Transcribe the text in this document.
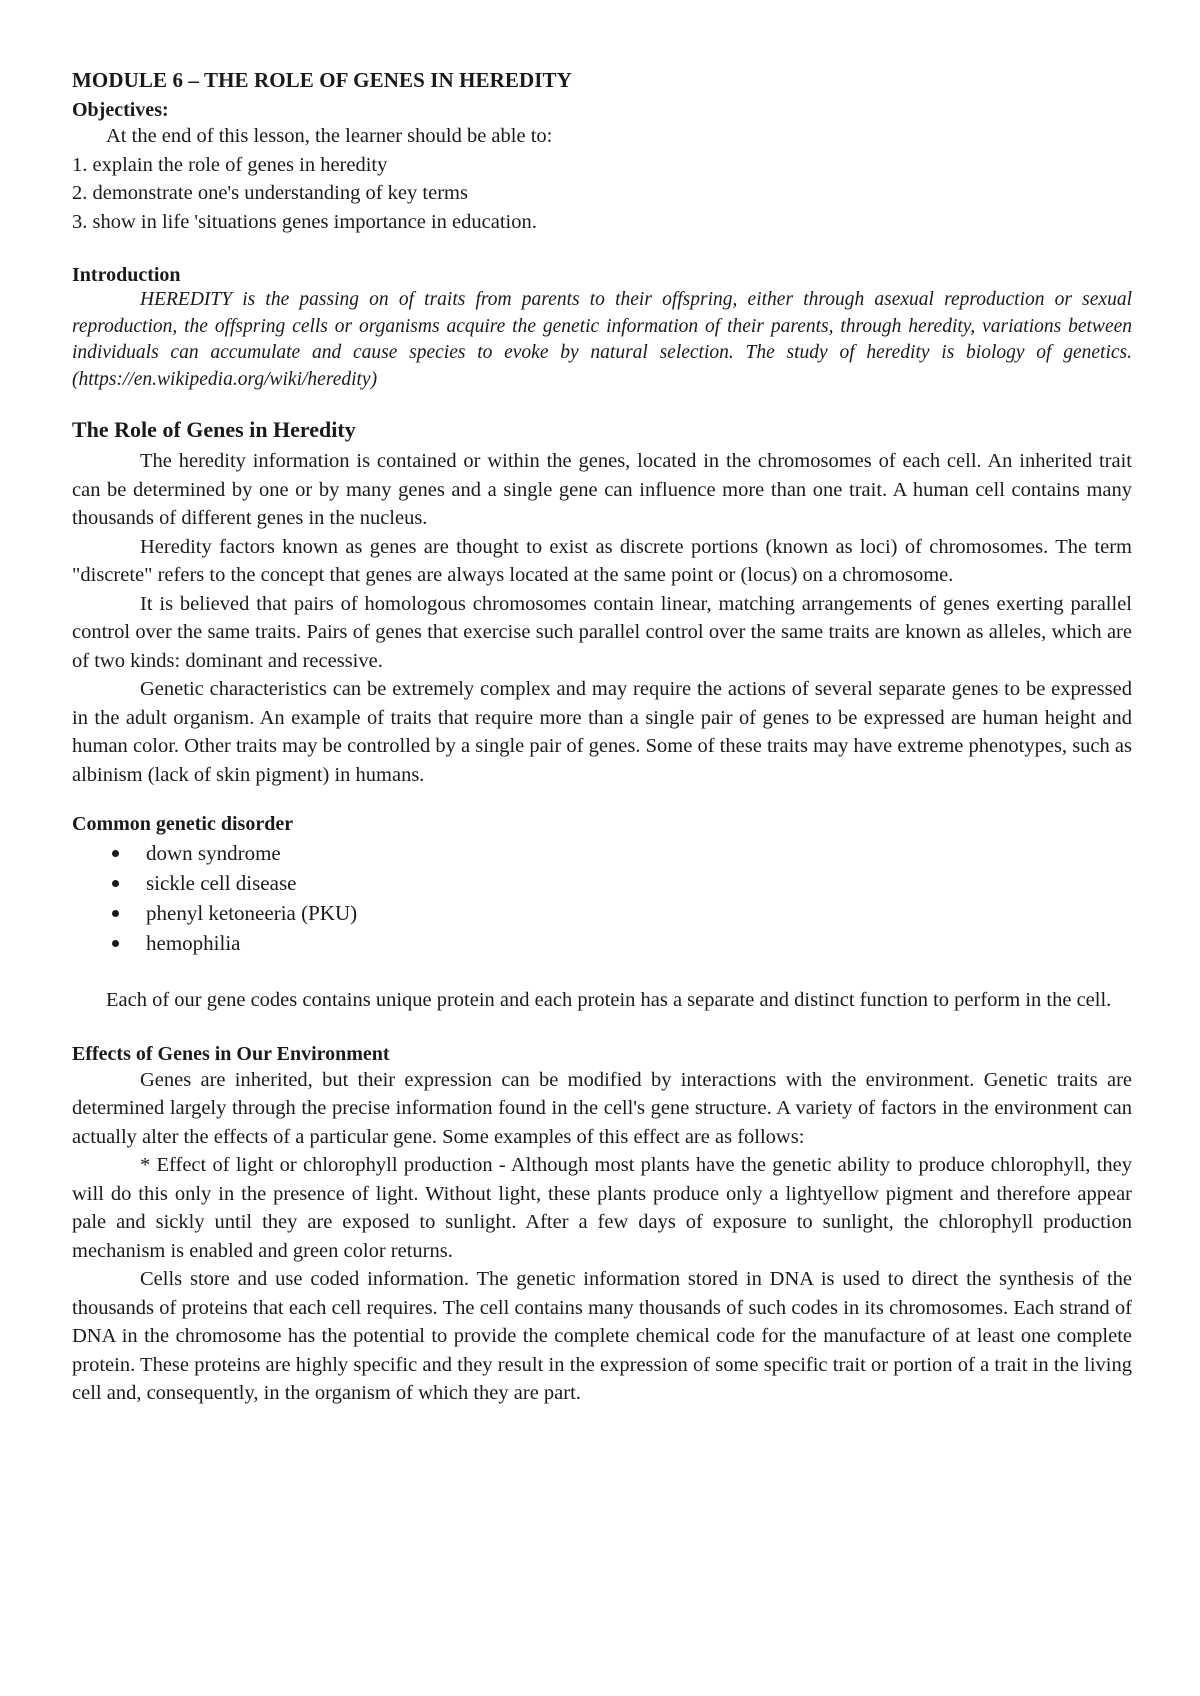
MODULE 6 – THE ROLE OF GENES IN HEREDITY
Objectives:

At the end of this lesson, the learner should be able to:

1. explain the role of genes in heredity

2. demonstrate one's understanding of key terms

3. show in life 'situations genes importance in education.

Introduction

HEREDITY is the passing on of traits from parents to their offspring, either through asexual reproduction or sexual reproduction, the offspring cells or organisms acquire the genetic information of their parents, through heredity, variations between individuals can accumulate and cause species to evoke by natural selection. The study of heredity is biology of genetics. (https://en.wikipedia.org/wiki/heredity)

The Role of Genes in Heredity

The heredity information is contained or within the genes, located in the chromosomes of each cell. An inherited trait can be determined by one or by many genes and a single gene can influence more than one trait. A human cell contains many thousands of different genes in the nucleus.

Heredity factors known as genes are thought to exist as discrete portions (known as loci) of chromosomes. The term "discrete" refers to the concept that genes are always located at the same point or (locus) on a chromosome.

It is believed that pairs of homologous chromosomes contain linear, matching arrangements of genes exerting parallel control over the same traits. Pairs of genes that exercise such parallel control over the same traits are known as alleles, which are of two kinds: dominant and recessive.

Genetic characteristics can be extremely complex and may require the actions of several separate genes to be expressed in the adult organism. An example of traits that require more than a single pair of genes to be expressed are human height and human color. Other traits may be controlled by a single pair of genes. Some of these traits may have extreme phenotypes, such as albinism (lack of skin pigment) in humans.

Common genetic disorder
down syndrome
sickle cell disease
phenyl ketoneeria (PKU)
hemophilia

Each of our gene codes contains unique protein and each protein has a separate and distinct function to perform in the cell.

Effects of Genes in Our Environment

Genes are inherited, but their expression can be modified by interactions with the environment. Genetic traits are determined largely through the precise information found in the cell's gene structure. A variety of factors in the environment can actually alter the effects of a particular gene. Some examples of this effect are as follows:

* Effect of light or chlorophyll production - Although most plants have the genetic ability to produce chlorophyll, they will do this only in the presence of light. Without light, these plants produce only a lightyellow pigment and therefore appear pale and sickly until they are exposed to sunlight. After a few days of exposure to sunlight, the chlorophyll production mechanism is enabled and green color returns.

Cells store and use coded information. The genetic information stored in DNA is used to direct the synthesis of the thousands of proteins that each cell requires. The cell contains many thousands of such codes in its chromosomes. Each strand of DNA in the chromosome has the potential to provide the complete chemical code for the manufacture of at least one complete protein. These proteins are highly specific and they result in the expression of some specific trait or portion of a trait in the living cell and, consequently, in the organism of which they are part.
